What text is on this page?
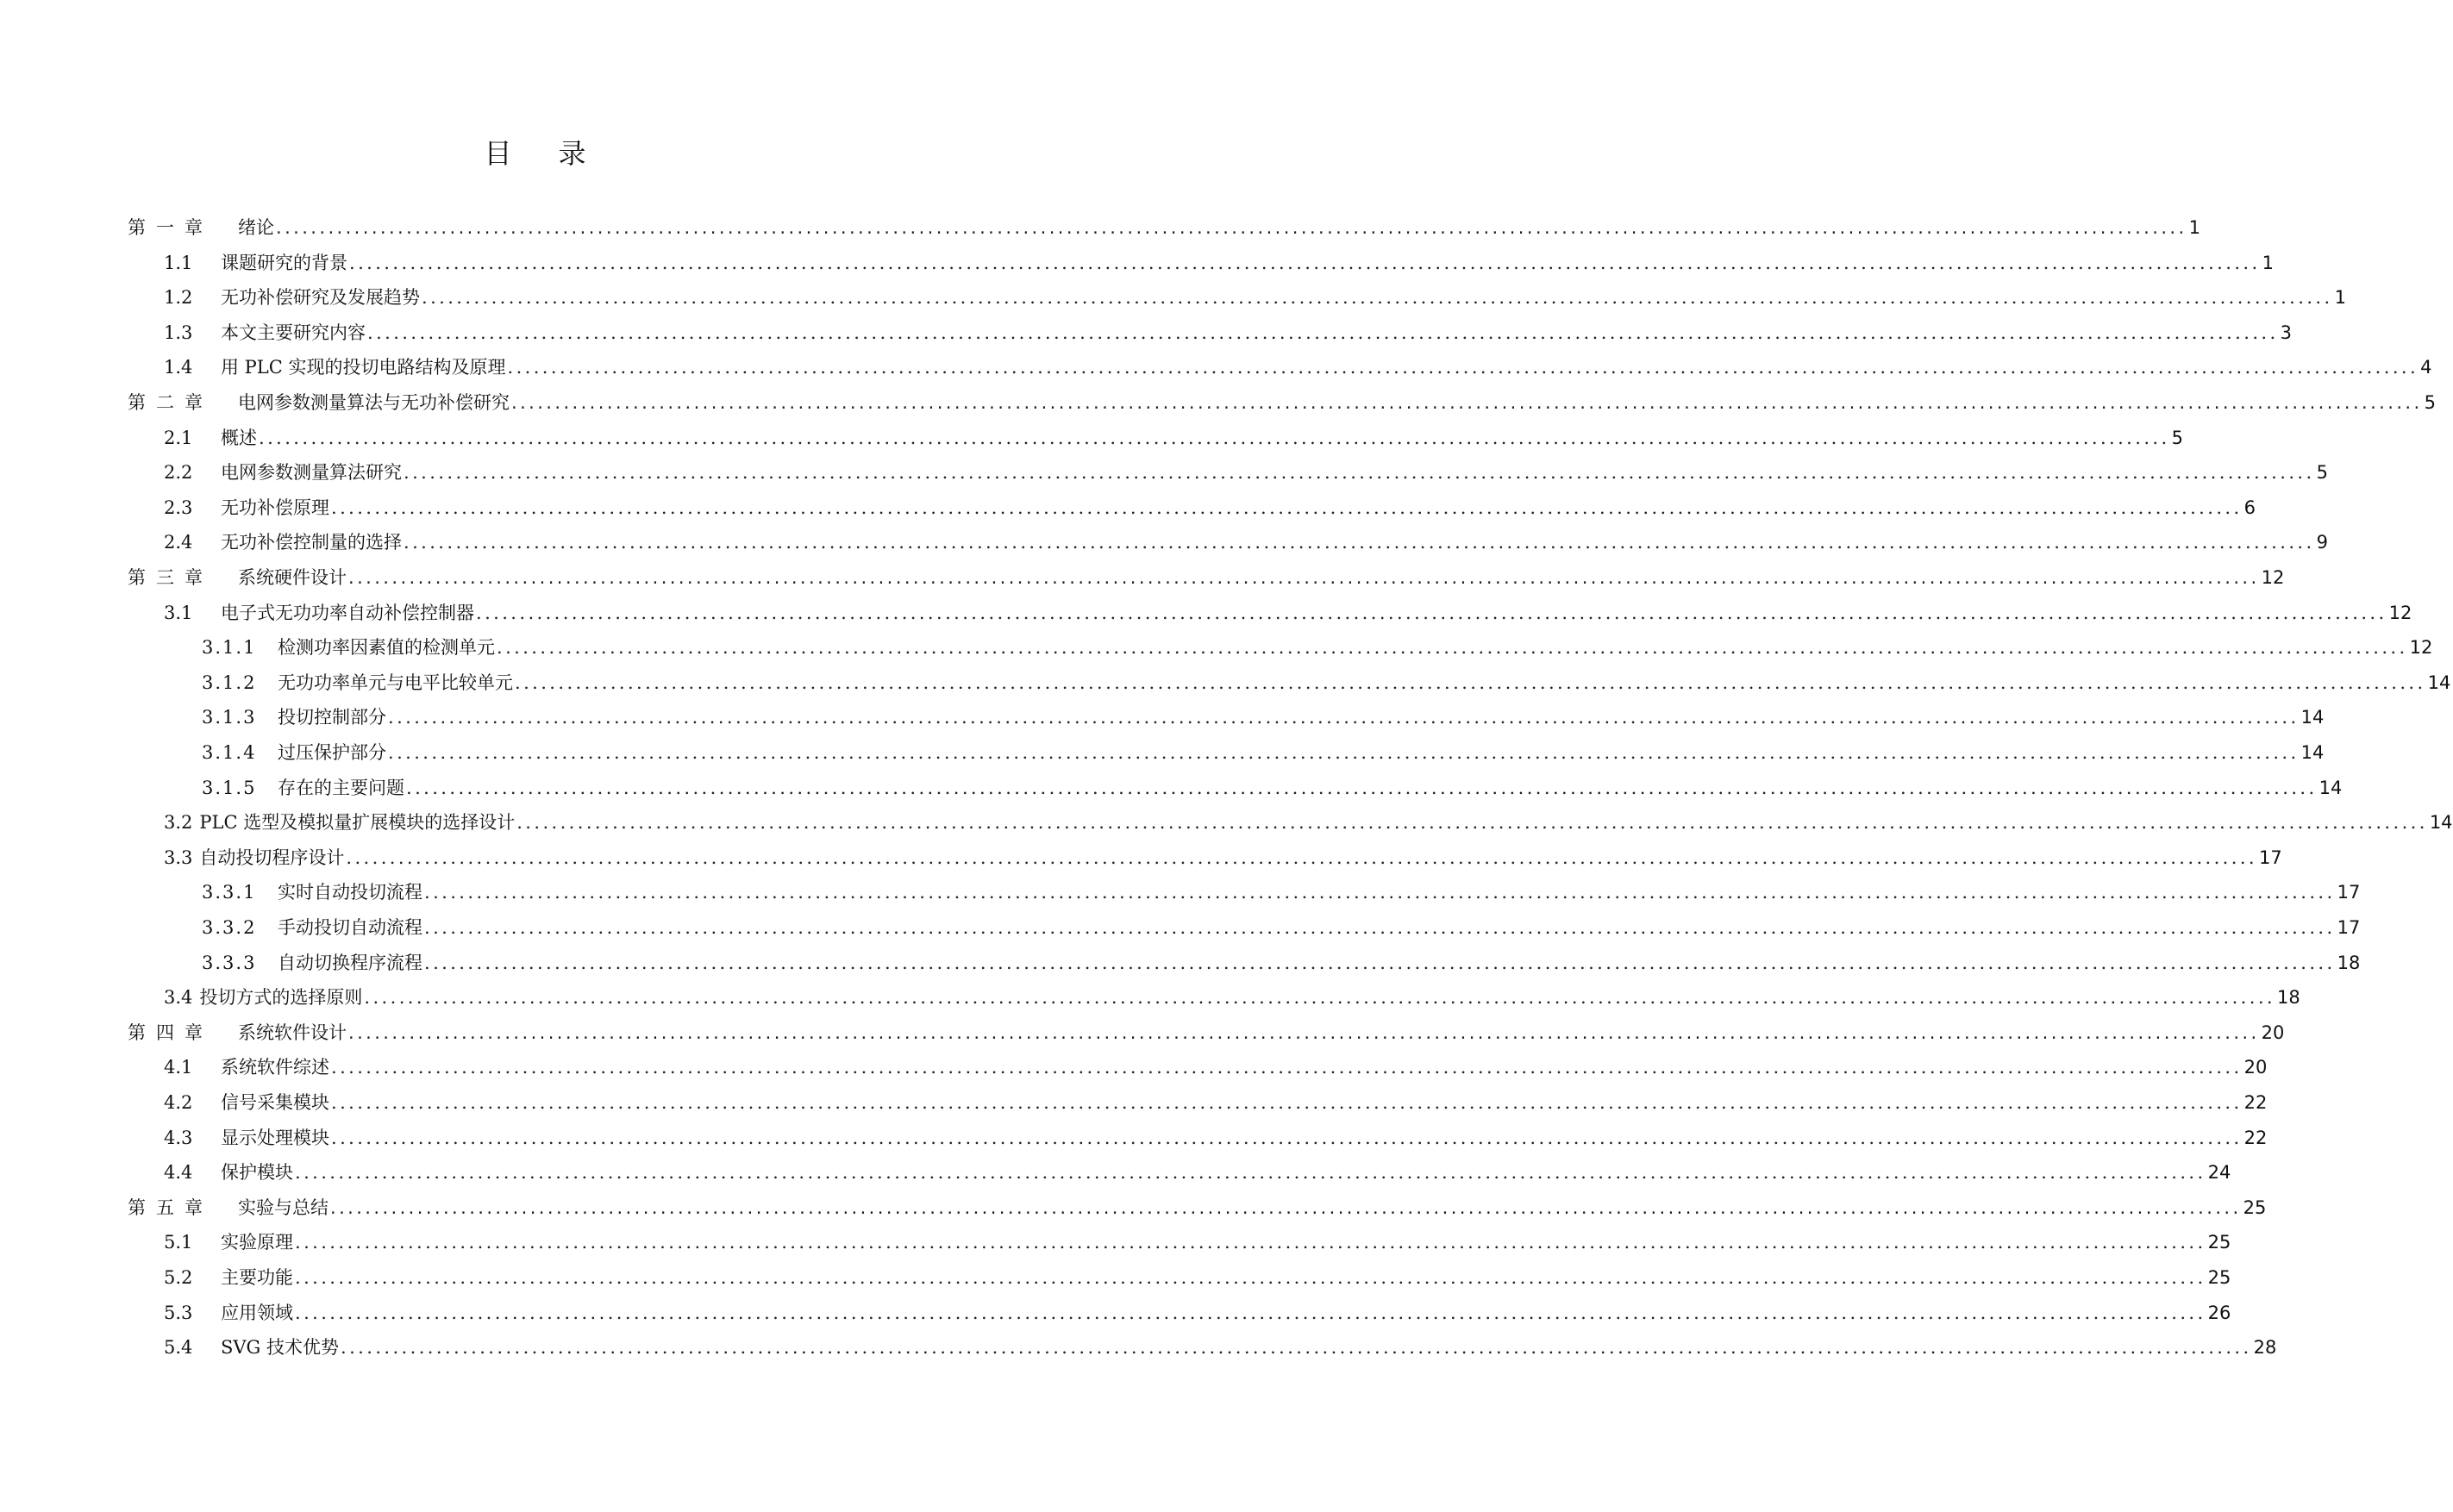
目 录
第一章	绪论 ............................................................................................................................................................................................................................ 1
1.1	课题研究的背景 ............................................................................................................................................................................................................................ 1
1.2	无功补偿研究及发展趋势 ............................................................................................................................................................................................................................ 1
1.3	本文主要研究内容 ............................................................................................................................................................................................................................ 3
1.4	用 PLC 实现的投切电路结构及原理 ............................................................................................................................................................................................................................ 4
第二章	电网参数测量算法与无功补偿研究 ............................................................................................................................................................................................................................ 5
2.1	概述 ............................................................................................................................................................................................................................ 5
2.2	电网参数测量算法研究 ............................................................................................................................................................................................................................ 5
2.3	无功补偿原理 ............................................................................................................................................................................................................................ 6
2.4	无功补偿控制量的选择 ............................................................................................................................................................................................................................ 9
第三章	系统硬件设计 ............................................................................................................................................................................................................................ 12
3.1	电子式无功功率自动补偿控制器 ............................................................................................................................................................................................................................ 12
3.1.1	检测功率因素值的检测单元 ............................................................................................................................................................................................................................ 12
3.1.2	无功功率单元与电平比较单元 ............................................................................................................................................................................................................................ 14
3.1.3	投切控制部分 ............................................................................................................................................................................................................................ 14
3.1.4	过压保护部分 ............................................................................................................................................................................................................................ 14
3.1.5	存在的主要问题 ............................................................................................................................................................................................................................ 14
3.2 PLC 选型及模拟量扩展模块的选择设计 ............................................................................................................................................................................................................................ 14
3.3 自动投切程序设计 ............................................................................................................................................................................................................................ 17
3.3.1	实时自动投切流程 ............................................................................................................................................................................................................................ 17
3.3.2	手动投切自动流程 ............................................................................................................................................................................................................................ 17
3.3.3	自动切换程序流程 ............................................................................................................................................................................................................................ 18
3.4 投切方式的选择原则 ............................................................................................................................................................................................................................ 18
第四章	系统软件设计 ............................................................................................................................................................................................................................ 20
4.1	系统软件综述 ............................................................................................................................................................................................................................ 20
4.2	信号采集模块 ............................................................................................................................................................................................................................ 22
4.3	显示处理模块 ............................................................................................................................................................................................................................ 22
4.4	保护模块 ............................................................................................................................................................................................................................ 24
第五章	实验与总结 ............................................................................................................................................................................................................................ 25
5.1	实验原理 ............................................................................................................................................................................................................................ 25
5.2	主要功能 ............................................................................................................................................................................................................................ 25
5.3	应用领域 ............................................................................................................................................................................................................................ 26
5.4	SVG 技术优势 ............................................................................................................................................................................................................................ 28
